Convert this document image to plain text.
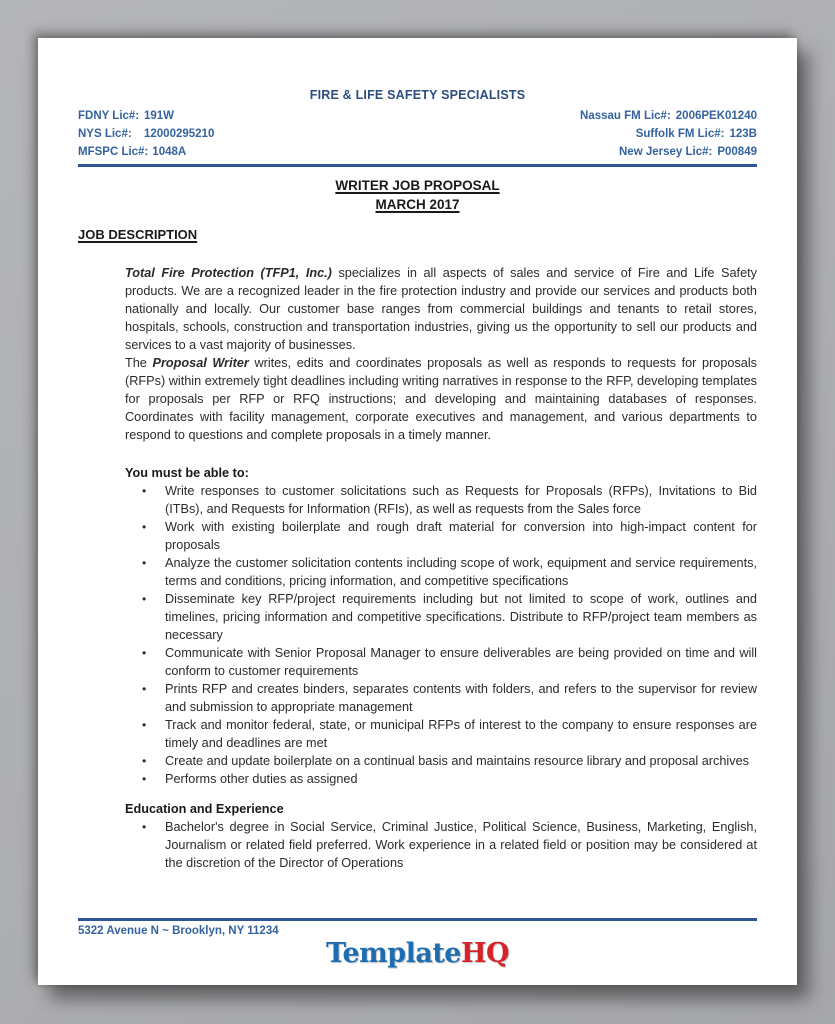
FIRE & LIFE SAFETY SPECIALISTS
FDNY Lic#: 191W
NYS Lic#: 12000295210
MFSPC Lic#: 1048A
Nassau FM Lic#: 2006PEK01240
Suffolk FM Lic#: 123B
New Jersey Lic#: P00849
WRITER JOB PROPOSAL
MARCH 2017
JOB DESCRIPTION

Total Fire Protection (TFP1, Inc.) specializes in all aspects of sales and service of Fire and Life Safety products. We are a recognized leader in the fire protection industry and provide our services and products both nationally and locally. Our customer base ranges from commercial buildings and tenants to retail stores, hospitals, schools, construction and transportation industries, giving us the opportunity to sell our products and services to a vast majority of businesses.

The Proposal Writer writes, edits and coordinates proposals as well as responds to requests for proposals (RFPs) within extremely tight deadlines including writing narratives in response to the RFP, developing templates for proposals per RFP or RFQ instructions; and developing and maintaining databases of responses. Coordinates with facility management, corporate executives and management, and various departments to respond to questions and complete proposals in a timely manner.

You must be able to:
• Write responses to customer solicitations such as Requests for Proposals (RFPs), Invitations to Bid (ITBs), and Requests for Information (RFIs), as well as requests from the Sales force
• Work with existing boilerplate and rough draft material for conversion into high-impact content for proposals
• Analyze the customer solicitation contents including scope of work, equipment and service requirements, terms and conditions, pricing information, and competitive specifications
• Disseminate key RFP/project requirements including but not limited to scope of work, outlines and timelines, pricing information and competitive specifications. Distribute to RFP/project team members as necessary
• Communicate with Senior Proposal Manager to ensure deliverables are being provided on time and will conform to customer requirements
• Prints RFP and creates binders, separates contents with folders, and refers to the supervisor for review and submission to appropriate management
• Track and monitor federal, state, or municipal RFPs of interest to the company to ensure responses are timely and deadlines are met
• Create and update boilerplate on a continual basis and maintains resource library and proposal archives
• Performs other duties as assigned
Education and Experience
• Bachelor's degree in Social Service, Criminal Justice, Political Science, Business, Marketing, English, Journalism or related field preferred. Work experience in a related field or position may be considered at the discretion of the Director of Operations
5322 Avenue N ~ Brooklyn, NY 11234
TemplateHQ
